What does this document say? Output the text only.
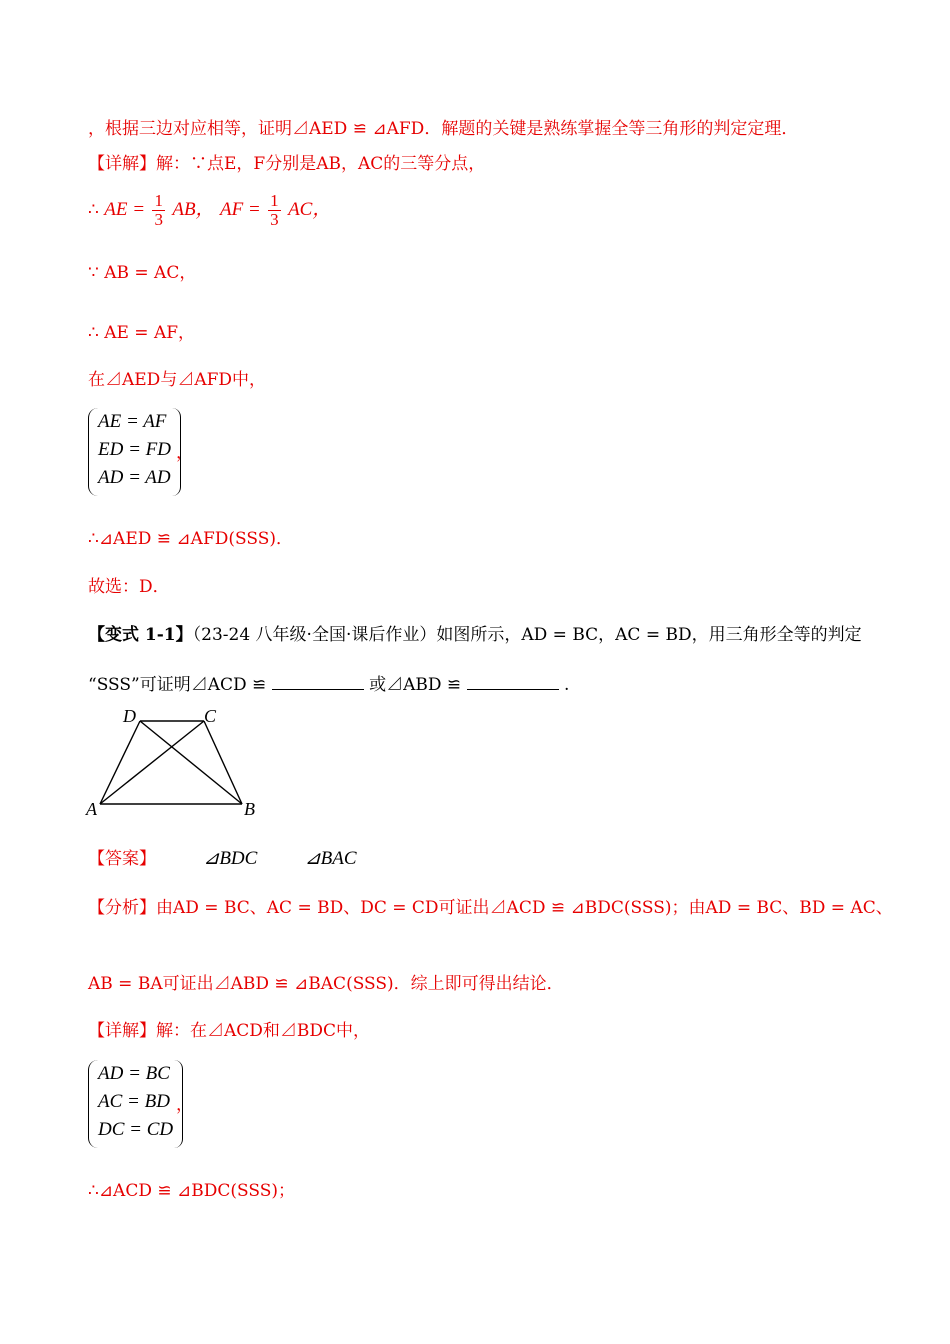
，根据三边对应相等，证明⊿AED ≌ ⊿AFD．解题的关键是熟练掌握全等三角形的判定定理．
【详解】解：∵点E，F分别是AB，AC的三等分点，
∴ AE = $\frac{1}{3}$ AB， AF = $\frac{1}{3}$ AC，
∵ AB = AC，
∴ AE = AF，
在⊿AED与⊿AFD中，
AE = AF
ED = FD
AD = AD
，
∴⊿AED ≌ ⊿AFD(SSS)．
故选：D．
【变式 1-1】（23-24 八年级·全国·课后作业）如图所示，AD = BC，AC = BD，用三角形全等的判定
“SSS”可证明⊿ACD ≌	或⊿ABD ≌	.
D	C
A	B
【答案】 ⊿BDC ⊿BAC
【分析】由AD = BC、AC = BD、DC = CD可证出⊿ACD ≌ ⊿BDC(SSS)；由AD = BC、BD = AC、
AB = BA可证出⊿ABD ≌ ⊿BAC(SSS)．综上即可得出结论．
【详解】解：在⊿ACD和⊿BDC中，
AD = BC
AC = BD
DC = CD
，
∴⊿ACD ≌ ⊿BDC(SSS)；
